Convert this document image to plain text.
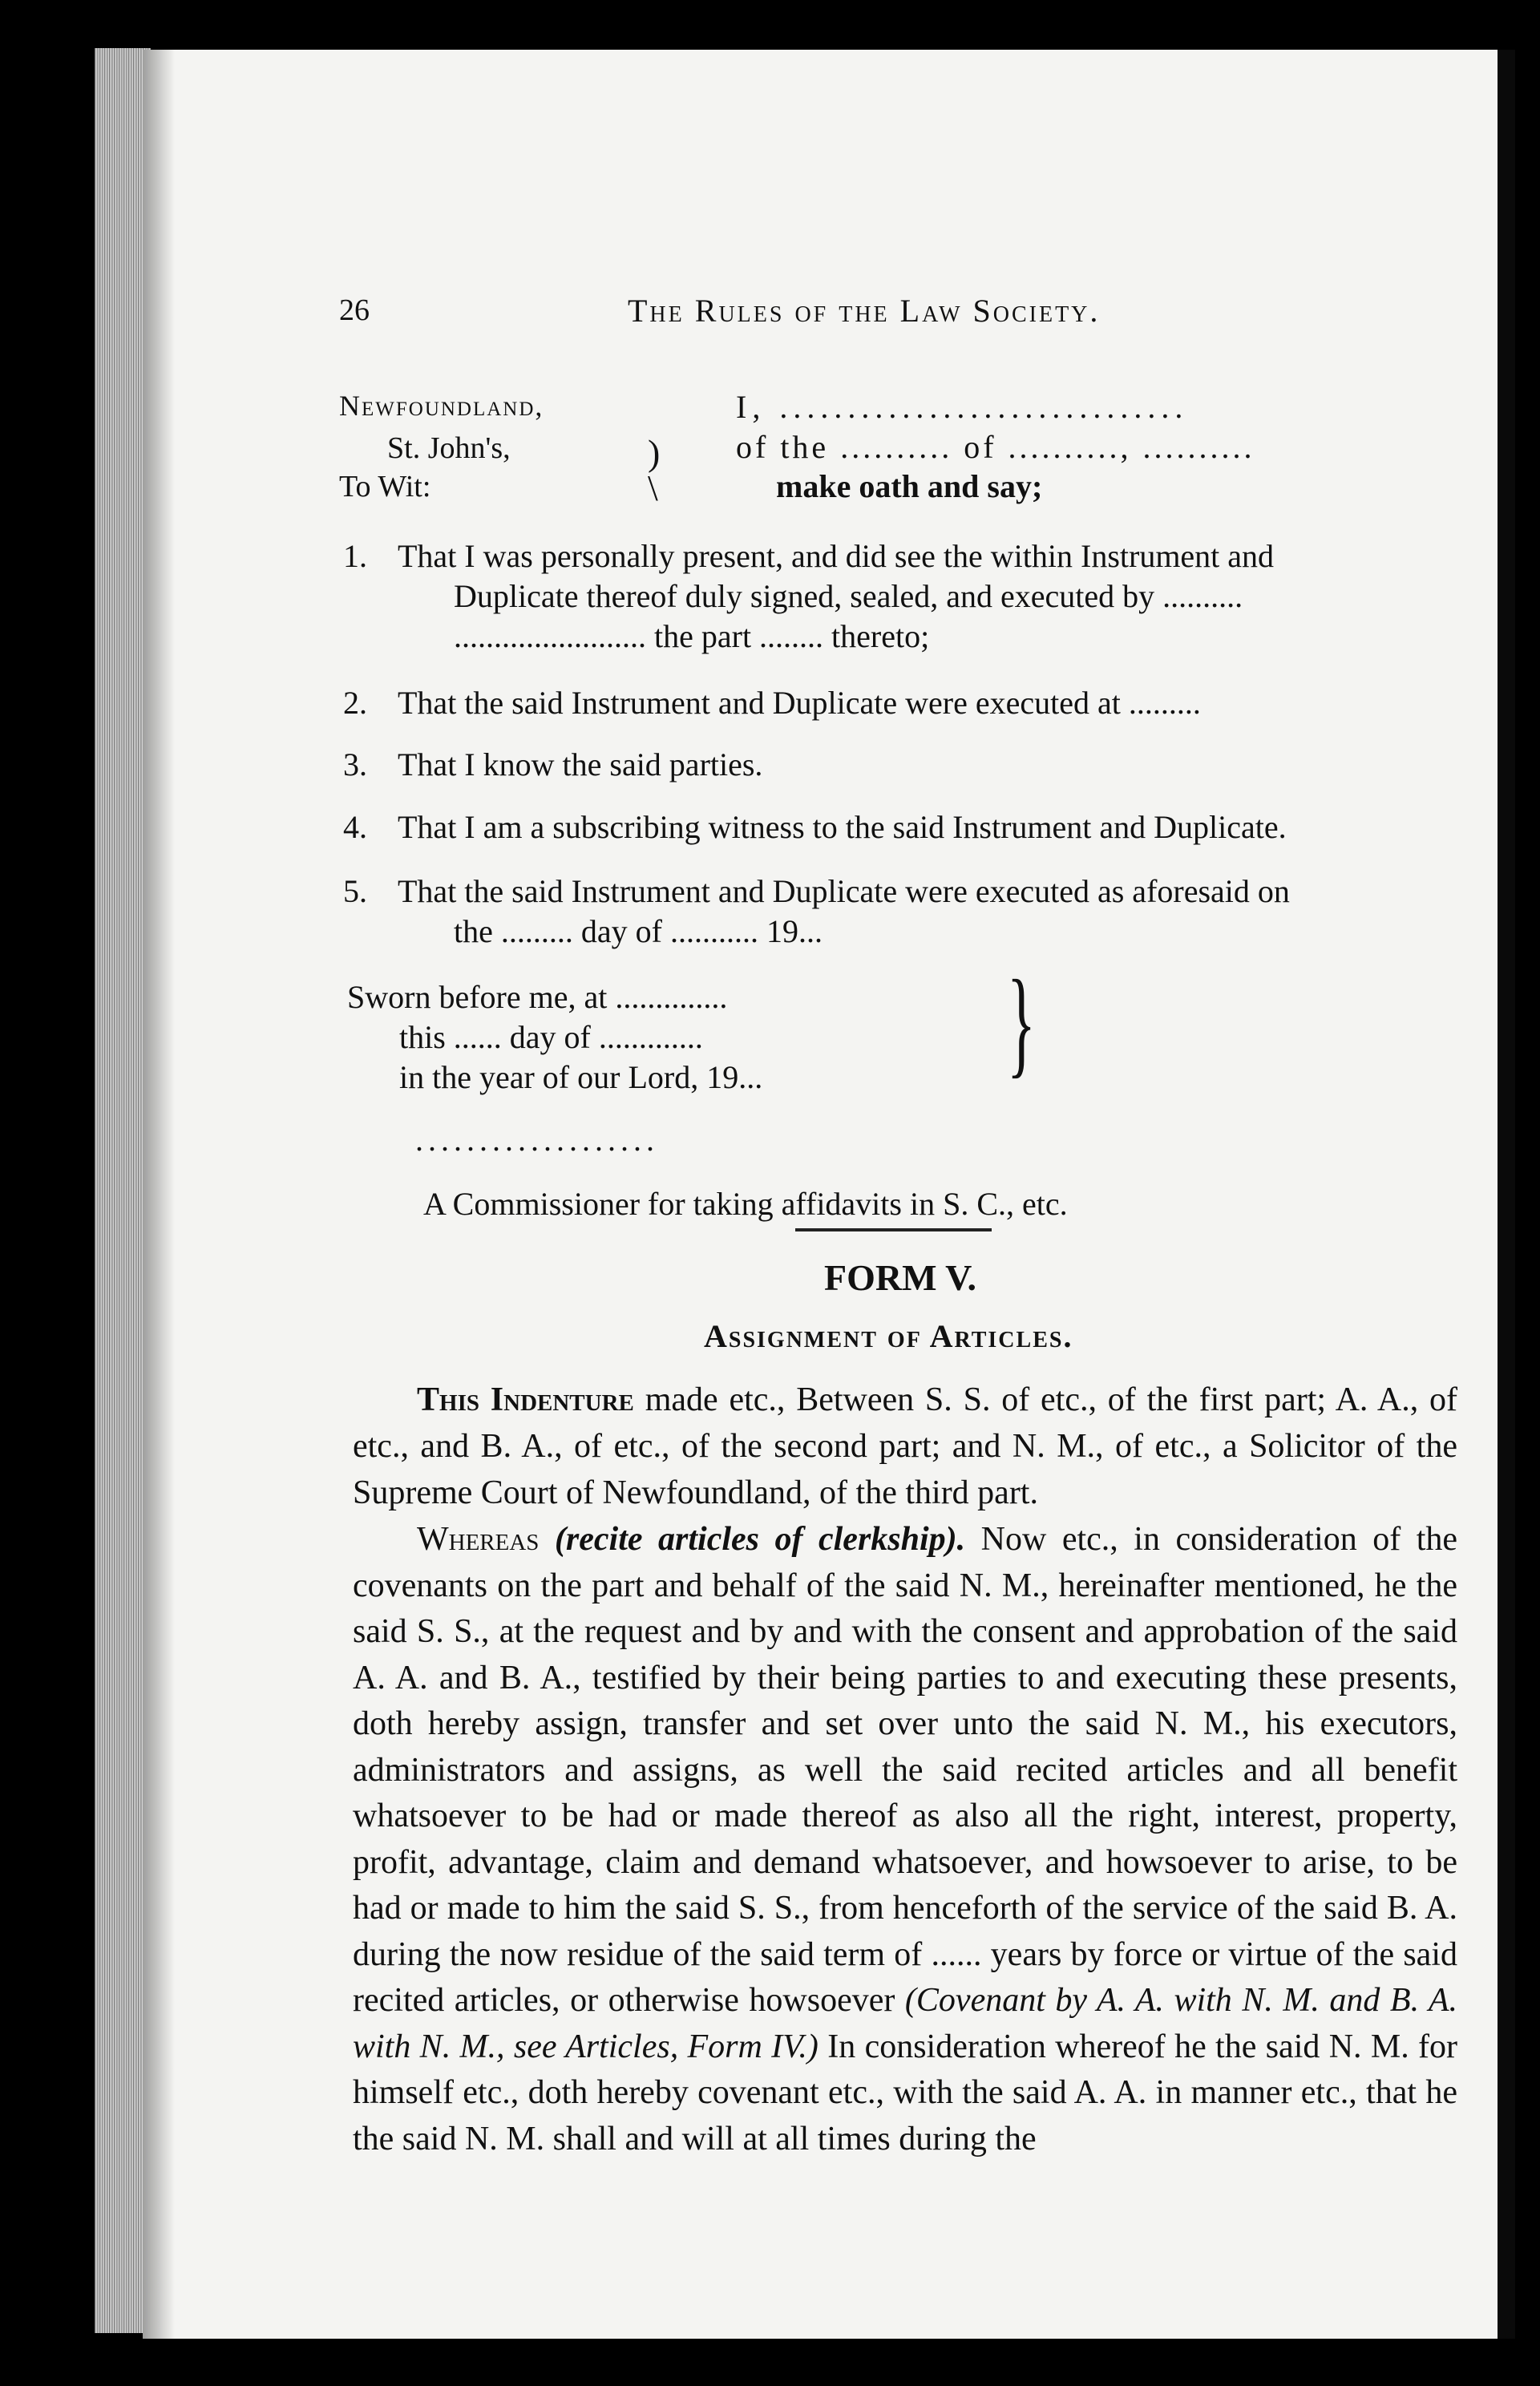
26	The Rules of the Law Society.
Newfoundland,
St. John's,
To Wit:
)
\
I, ..............................
of the .......... of .........., ..........
make oath and say;
1. That I was personally present, and did see the within Instrument and
Duplicate thereof duly signed, sealed, and executed by ..........
........................ the part ........ thereto;
2. That the said Instrument and Duplicate were executed at .........
3. That I know the said parties.
4. That I am a subscribing witness to the said Instrument and Duplicate.
5. That the said Instrument and Duplicate were executed as aforesaid on
the ......... day of ........... 19...
Sworn before me, at ..............
this ...... day of .............
in the year of our Lord, 19... }
...................
A Commissioner for taking affidavits in S. C., etc.
FORM V.
Assignment of Articles.
This Indenture made etc., Between S. S. of etc., of the first part; A. A., of etc., and B. A., of etc., of the second part; and N. M., of etc., a Solicitor of the Supreme Court of Newfoundland, of the third part.
Whereas (recite articles of clerkship). Now etc., in consideration of the covenants on the part and behalf of the said N. M., hereinafter mentioned, he the said S. S., at the request and by and with the consent and approbation of the said A. A. and B. A., testified by their being parties to and executing these presents, doth hereby assign, transfer and set over unto the said N. M., his executors, administrators and assigns, as well the said recited articles and all benefit whatsoever to be had or made thereof as also all the right, interest, property, profit, advantage, claim and demand whatsoever, and howsoever to arise, to be had or made to him the said S. S., from henceforth of the service of the said B. A. during the now residue of the said term of ...... years by force or virtue of the said recited articles, or otherwise howsoever (Covenant by A. A. with N. M. and B. A. with N. M., see Articles, Form IV.) In consideration whereof he the said N. M. for himself etc., doth hereby covenant etc., with the said A. A. in manner etc., that he the said N. M. shall and will at all times during the
